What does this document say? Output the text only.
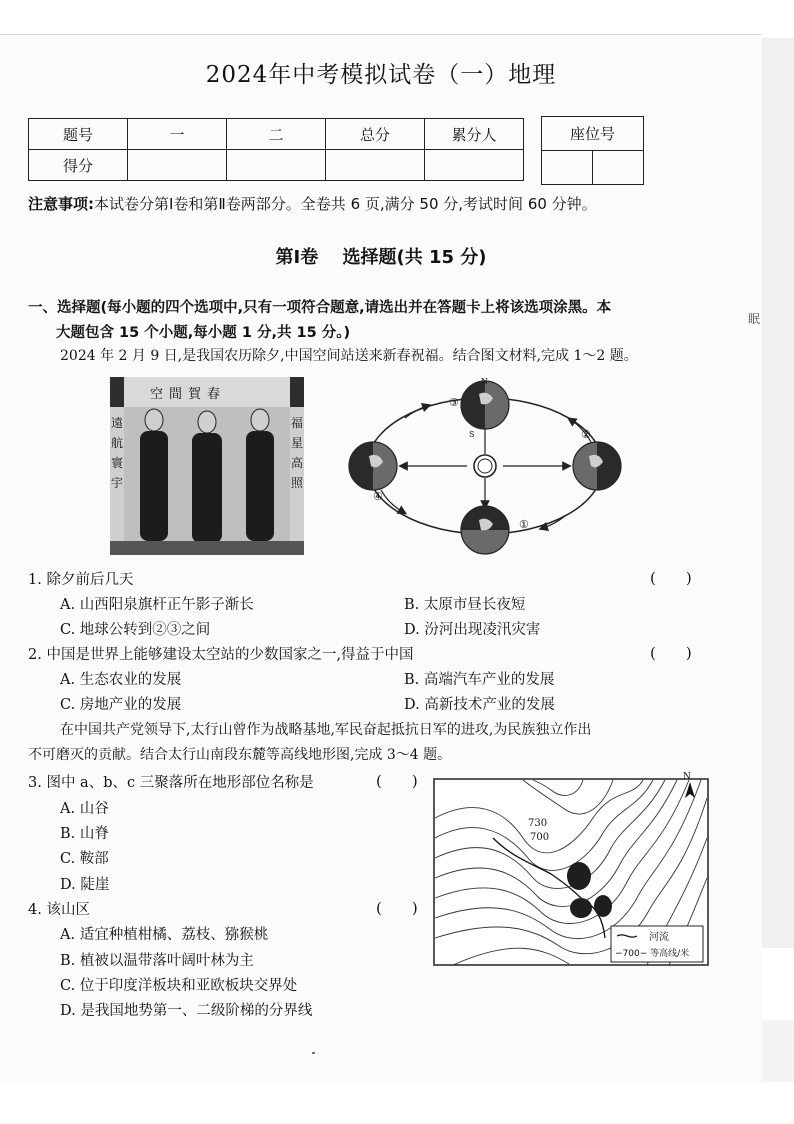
2024年中考模拟试卷（一）地理
题号	一	二	总分	累分人
得分				
座位号

注意事项:本试卷分第Ⅰ卷和第Ⅱ卷两部分。全卷共 6 页,满分 50 分,考试时间 60 分钟。
第Ⅰ卷　 选择题(共 15 分)
一、选择题(每小题的四个选项中,只有一项符合题意,请选出并在答题卡上将该选项涂黑。本
大题包含 15 个小题,每小题 1 分,共 15 分。)
2024 年 2 月 9 日,是我国农历除夕,中国空间站送来新春祝福。结合图文材料,完成 1～2 题。
空間賀春
遠航寰宇
福星高照
①
②
③
④
N
S
1. 除夕前后几天	(　　)
A. 山西阳泉旗杆正午影子渐长	B. 太原市昼长夜短
C. 地球公转到②③之间	D. 汾河出现凌汛灾害
2. 中国是世界上能够建设太空站的少数国家之一,得益于中国	(　　)
A. 生态农业的发展	B. 高端汽车产业的发展
C. 房地产业的发展	D. 高新技术产业的发展
在中国共产党领导下,太行山曾作为战略基地,军民奋起抵抗日军的进攻,为民族独立作出
不可磨灭的贡献。结合太行山南段东麓等高线地形图,完成 3～4 题。
3. 图中 a、b、c 三聚落所在地形部位名称是	(　　)
A. 山谷
B. 山脊
C. 鞍部
D. 陡崖
4. 该山区	(　　)
A. 适宜种植柑橘、荔枝、猕猴桃
B. 植被以温带落叶阔叶林为主
C. 位于印度洋板块和亚欧板块交界处
D. 是我国地势第一、二级阶梯的分界线
N
730
700
河流
−700− 等高线/米
眠
